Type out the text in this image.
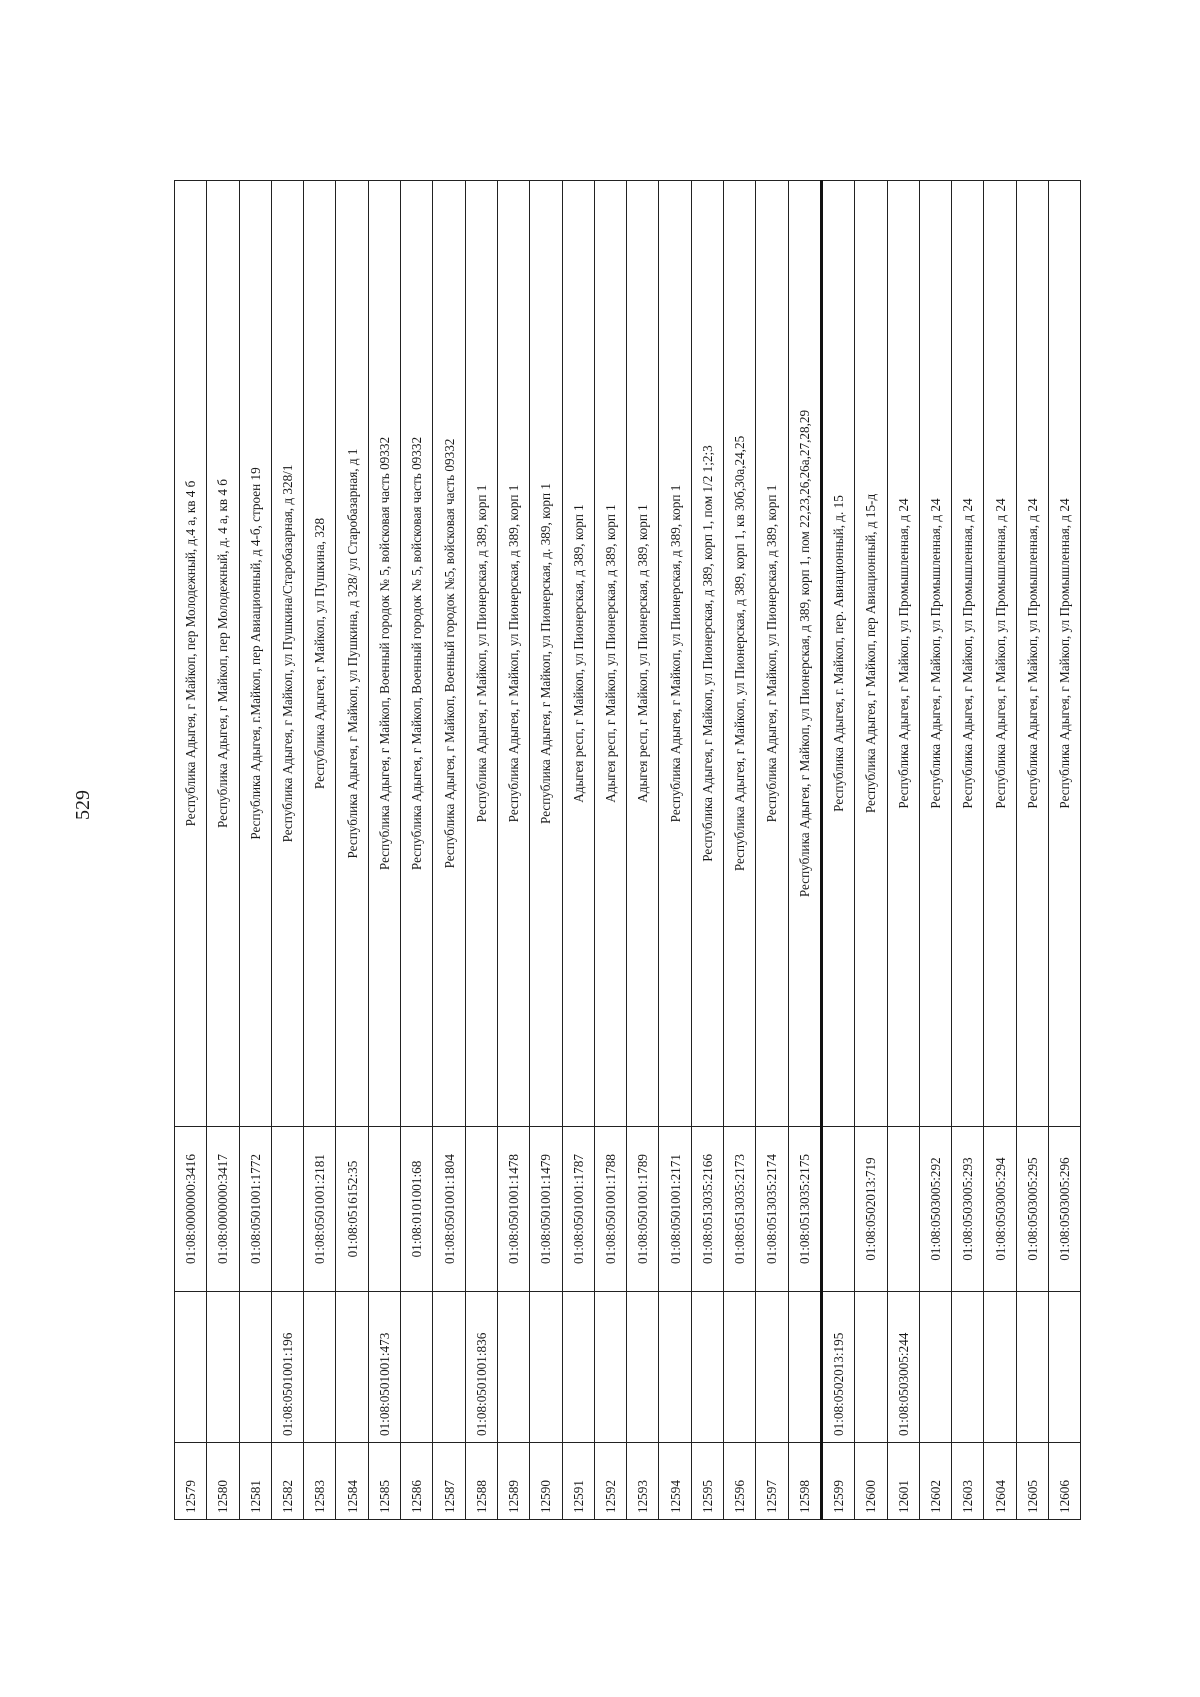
529
12579		01:08:0000000:3416	Республика Адыгея, г Майкоп, пер Молодежный, д.4 а, кв 4 б
12580		01:08:0000000:3417	Республика Адыгея, г Майкоп, пер Молодежный, д. 4 а, кв 4 б
12581		01:08:0501001:1772	Республика Адыгея, г.Майкоп, пер Авиационный, д 4-б, строен 19
12582	01:08:0501001:196		Республика Адыгея, г Майкоп, ул Пушкина/Старобазарная, д 328/1
12583		01:08:0501001:2181	Республика Адыгея, г Майкоп, ул Пушкина, 328
12584		01:08:0516152:35	Республика Адыгея, г Майкоп, ул Пушкина, д 328/ ул Старобазарная, д 1
12585	01:08:0501001:473		Республика Адыгея, г Майкоп, Военный городок № 5, войсковая часть 09332
12586		01:08:0101001:68	Республика Адыгея, г Майкоп, Военный городок № 5, войсковая часть 09332
12587		01:08:0501001:1804	Республика Адыгея, г Майкоп, Военный городок №5, войсковая часть 09332
12588	01:08:0501001:836		Республика Адыгея, г Майкоп, ул Пионерская, д 389, корп 1
12589		01:08:0501001:1478	Республика Адыгея, г Майкоп, ул Пионерская, д 389, корп 1
12590		01:08:0501001:1479	Республика Адыгея, г Майкоп, ул Пионерская, д. 389, корп 1
12591		01:08:0501001:1787	Адыгея респ, г Майкоп, ул Пионерская, д 389, корп 1
12592		01:08:0501001:1788	Адыгея респ, г Майкоп, ул Пионерская, д 389, корп 1
12593		01:08:0501001:1789	Адыгея респ, г Майкоп, ул Пионерская, д 389, корп 1
12594		01:08:0501001:2171	Республика Адыгея, г Майкоп, ул Пионерская, д 389, корп 1
12595		01:08:0513035:2166	Республика Адыгея, г Майкоп, ул Пионерская, д 389, корп 1, пом 1/2 1;2;3
12596		01:08:0513035:2173	Республика Адыгея, г Майкоп, ул Пионерская, д 389, корп 1, кв 30б,30а,24,25
12597		01:08:0513035:2174	Республика Адыгея, г Майкоп, ул Пионерская, д 389, корп 1
12598		01:08:0513035:2175	Республика Адыгея, г Майкоп, ул Пионерская, д 389, корп 1, пом 22,23,26,26а,27,28,29
12599	01:08:0502013:195		Республика Адыгея, г. Майкоп, пер. Авиационный, д. 15
12600		01:08:0502013:719	Республика Адыгея, г Майкоп, пер Авиационный, д 15-д
12601	01:08:0503005:244		Республика Адыгея, г Майкоп, ул Промышленная, д 24
12602		01:08:0503005:292	Республика Адыгея, г Майкоп, ул Промышленная, д 24
12603		01:08:0503005:293	Республика Адыгея, г Майкоп, ул Промышленная, д 24
12604		01:08:0503005:294	Республика Адыгея, г Майкоп, ул Промышленная, д 24
12605		01:08:0503005:295	Республика Адыгея, г Майкоп, ул Промышленная, д 24
12606		01:08:0503005:296	Республика Адыгея, г Майкоп, ул Промышленная, д 24
